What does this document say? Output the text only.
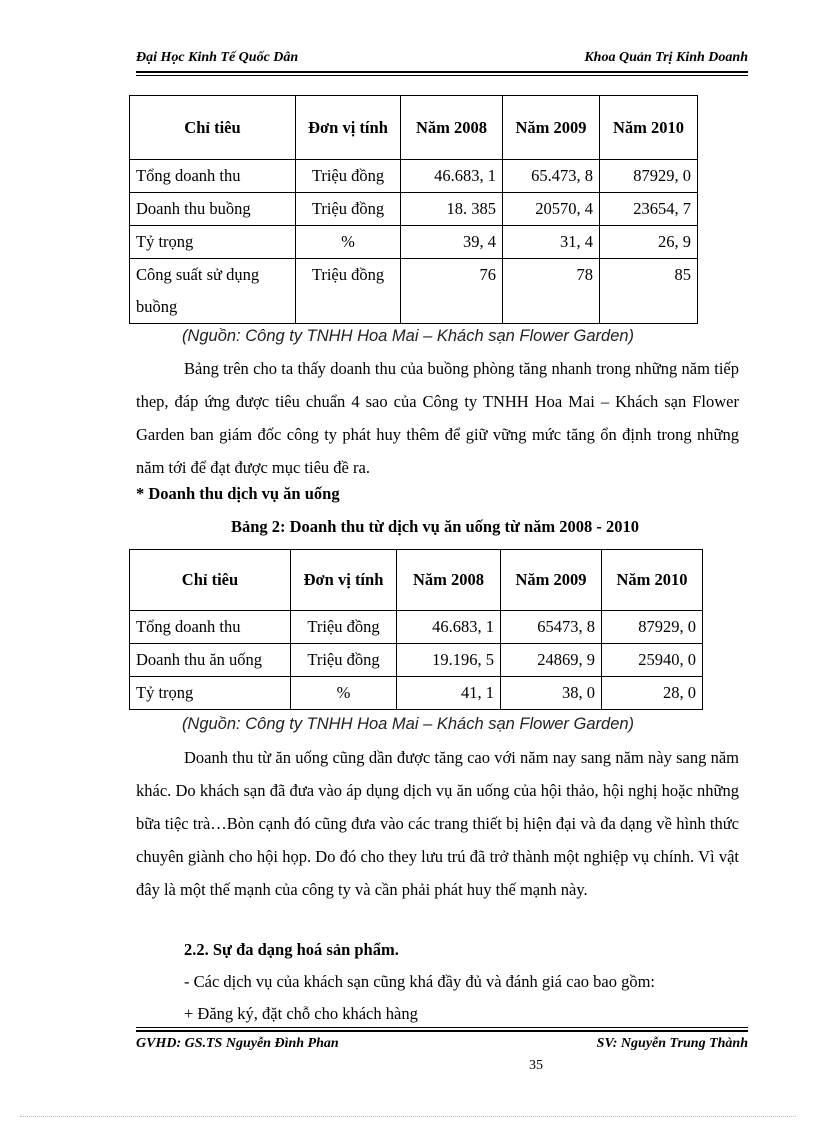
Đại Học Kinh Tế Quốc Dân	Khoa Quản Trị Kinh Doanh
Chỉ tiêu	Đơn vị tính	Năm 2008	Năm 2009	Năm 2010
Tổng doanh thu	Triệu đồng	46.683, 1	65.473, 8	87929, 0
Doanh thu buồng	Triệu đồng	18. 385	20570, 4	23654, 7
Tỷ trọng	%	39, 4	31, 4	26, 9
Công suất sử dụng buồng	Triệu đồng	76	78	85
(Nguồn: Công ty TNHH Hoa Mai – Khách sạn Flower Garden)

Bảng trên cho ta thấy doanh thu của buồng phòng tăng nhanh trong những năm tiếp thep, đáp ứng được tiêu chuẩn 4 sao của Công ty TNHH Hoa Mai – Khách sạn Flower Garden ban giám đốc công ty phát huy thêm để giữ vững mức tăng ổn định trong những năm tới để đạt được mục tiêu đề ra.

* Doanh thu dịch vụ ăn uống

Bảng 2: Doanh thu từ dịch vụ ăn uống từ năm 2008 - 2010

Chỉ tiêu	Đơn vị tính	Năm 2008	Năm 2009	Năm 2010
Tổng doanh thu	Triệu đồng	46.683, 1	65473, 8	87929, 0
Doanh thu ăn uống	Triệu đồng	19.196, 5	24869, 9	25940, 0
Tỷ trọng	%	41, 1	38, 0	28, 0
(Nguồn: Công ty TNHH Hoa Mai – Khách sạn Flower Garden)

Doanh thu từ ăn uống cũng dần được tăng cao với năm nay sang năm này sang năm khác. Do khách sạn đã đưa vào áp dụng dịch vụ ăn uống của hội thảo, hội nghị hoặc những bữa tiệc trà…Bòn cạnh đó cũng đưa vào các trang thiết bị hiện đại và đa dạng về hình thức chuyên giành cho hội họp. Do đó cho they lưu trú đã trở thành một nghiệp vụ chính. Vì vật đây là một thế mạnh của công ty và cần phải phát huy thế mạnh này.

2.2. Sự đa dạng hoá sản phẩm.

- Các dịch vụ của khách sạn cũng khá đầy đủ và đánh giá cao bao gồm:

+ Đăng ký, đặt chỗ cho khách hàng

GVHD: GS.TS Nguyễn Đình Phan	SV: Nguyễn Trung Thành
35
